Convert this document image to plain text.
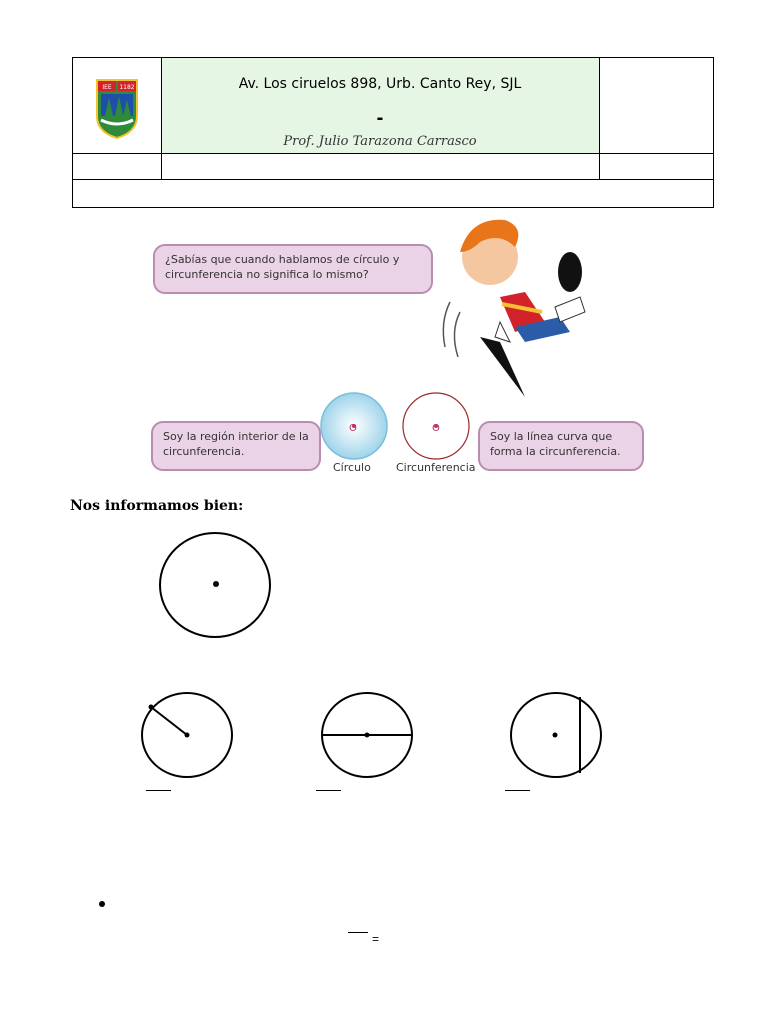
Av. Los ciruelos 898, Urb. Canto Rey, SJL
-
Prof. Julio Tarazona Carrasco
IEE 1182
¿Sabías que cuando hablamos de círculo y circunferencia no significa lo mismo?
Soy la región interior de la circunferencia.
Soy la línea curva que forma la circunferencia.
O	O
Círculo Circunferencia
Nos informamos bien:
=
